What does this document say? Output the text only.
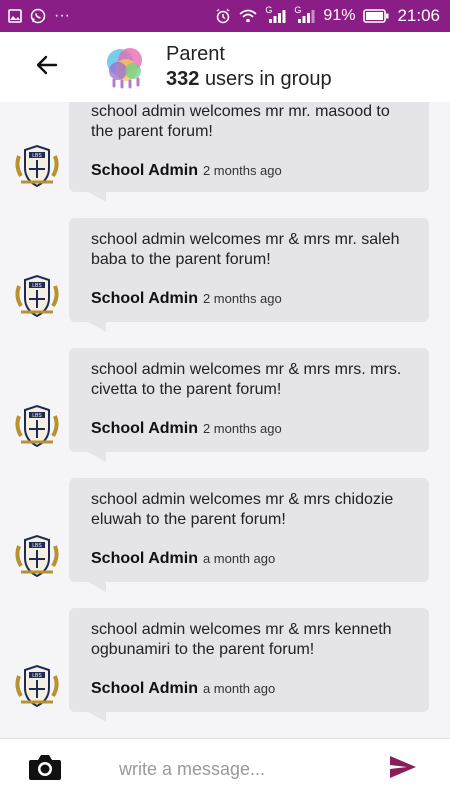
···	G G 91% 21:06
Parent
332 users in group
school admin welcomes mr mr. masood to the parent forum!
School Admin 2 months ago
LBS
school admin welcomes mr & mrs mr. saleh baba to the parent forum!
School Admin 2 months ago
LBS
school admin welcomes mr & mrs mrs. mrs. civetta to the parent forum!
School Admin 2 months ago
LBS
school admin welcomes mr & mrs chidozie eluwah to the parent forum!
School Admin a month ago
LBS
school admin welcomes mr & mrs kenneth ogbunamiri to the parent forum!
School Admin a month ago
LBS
write a message...
